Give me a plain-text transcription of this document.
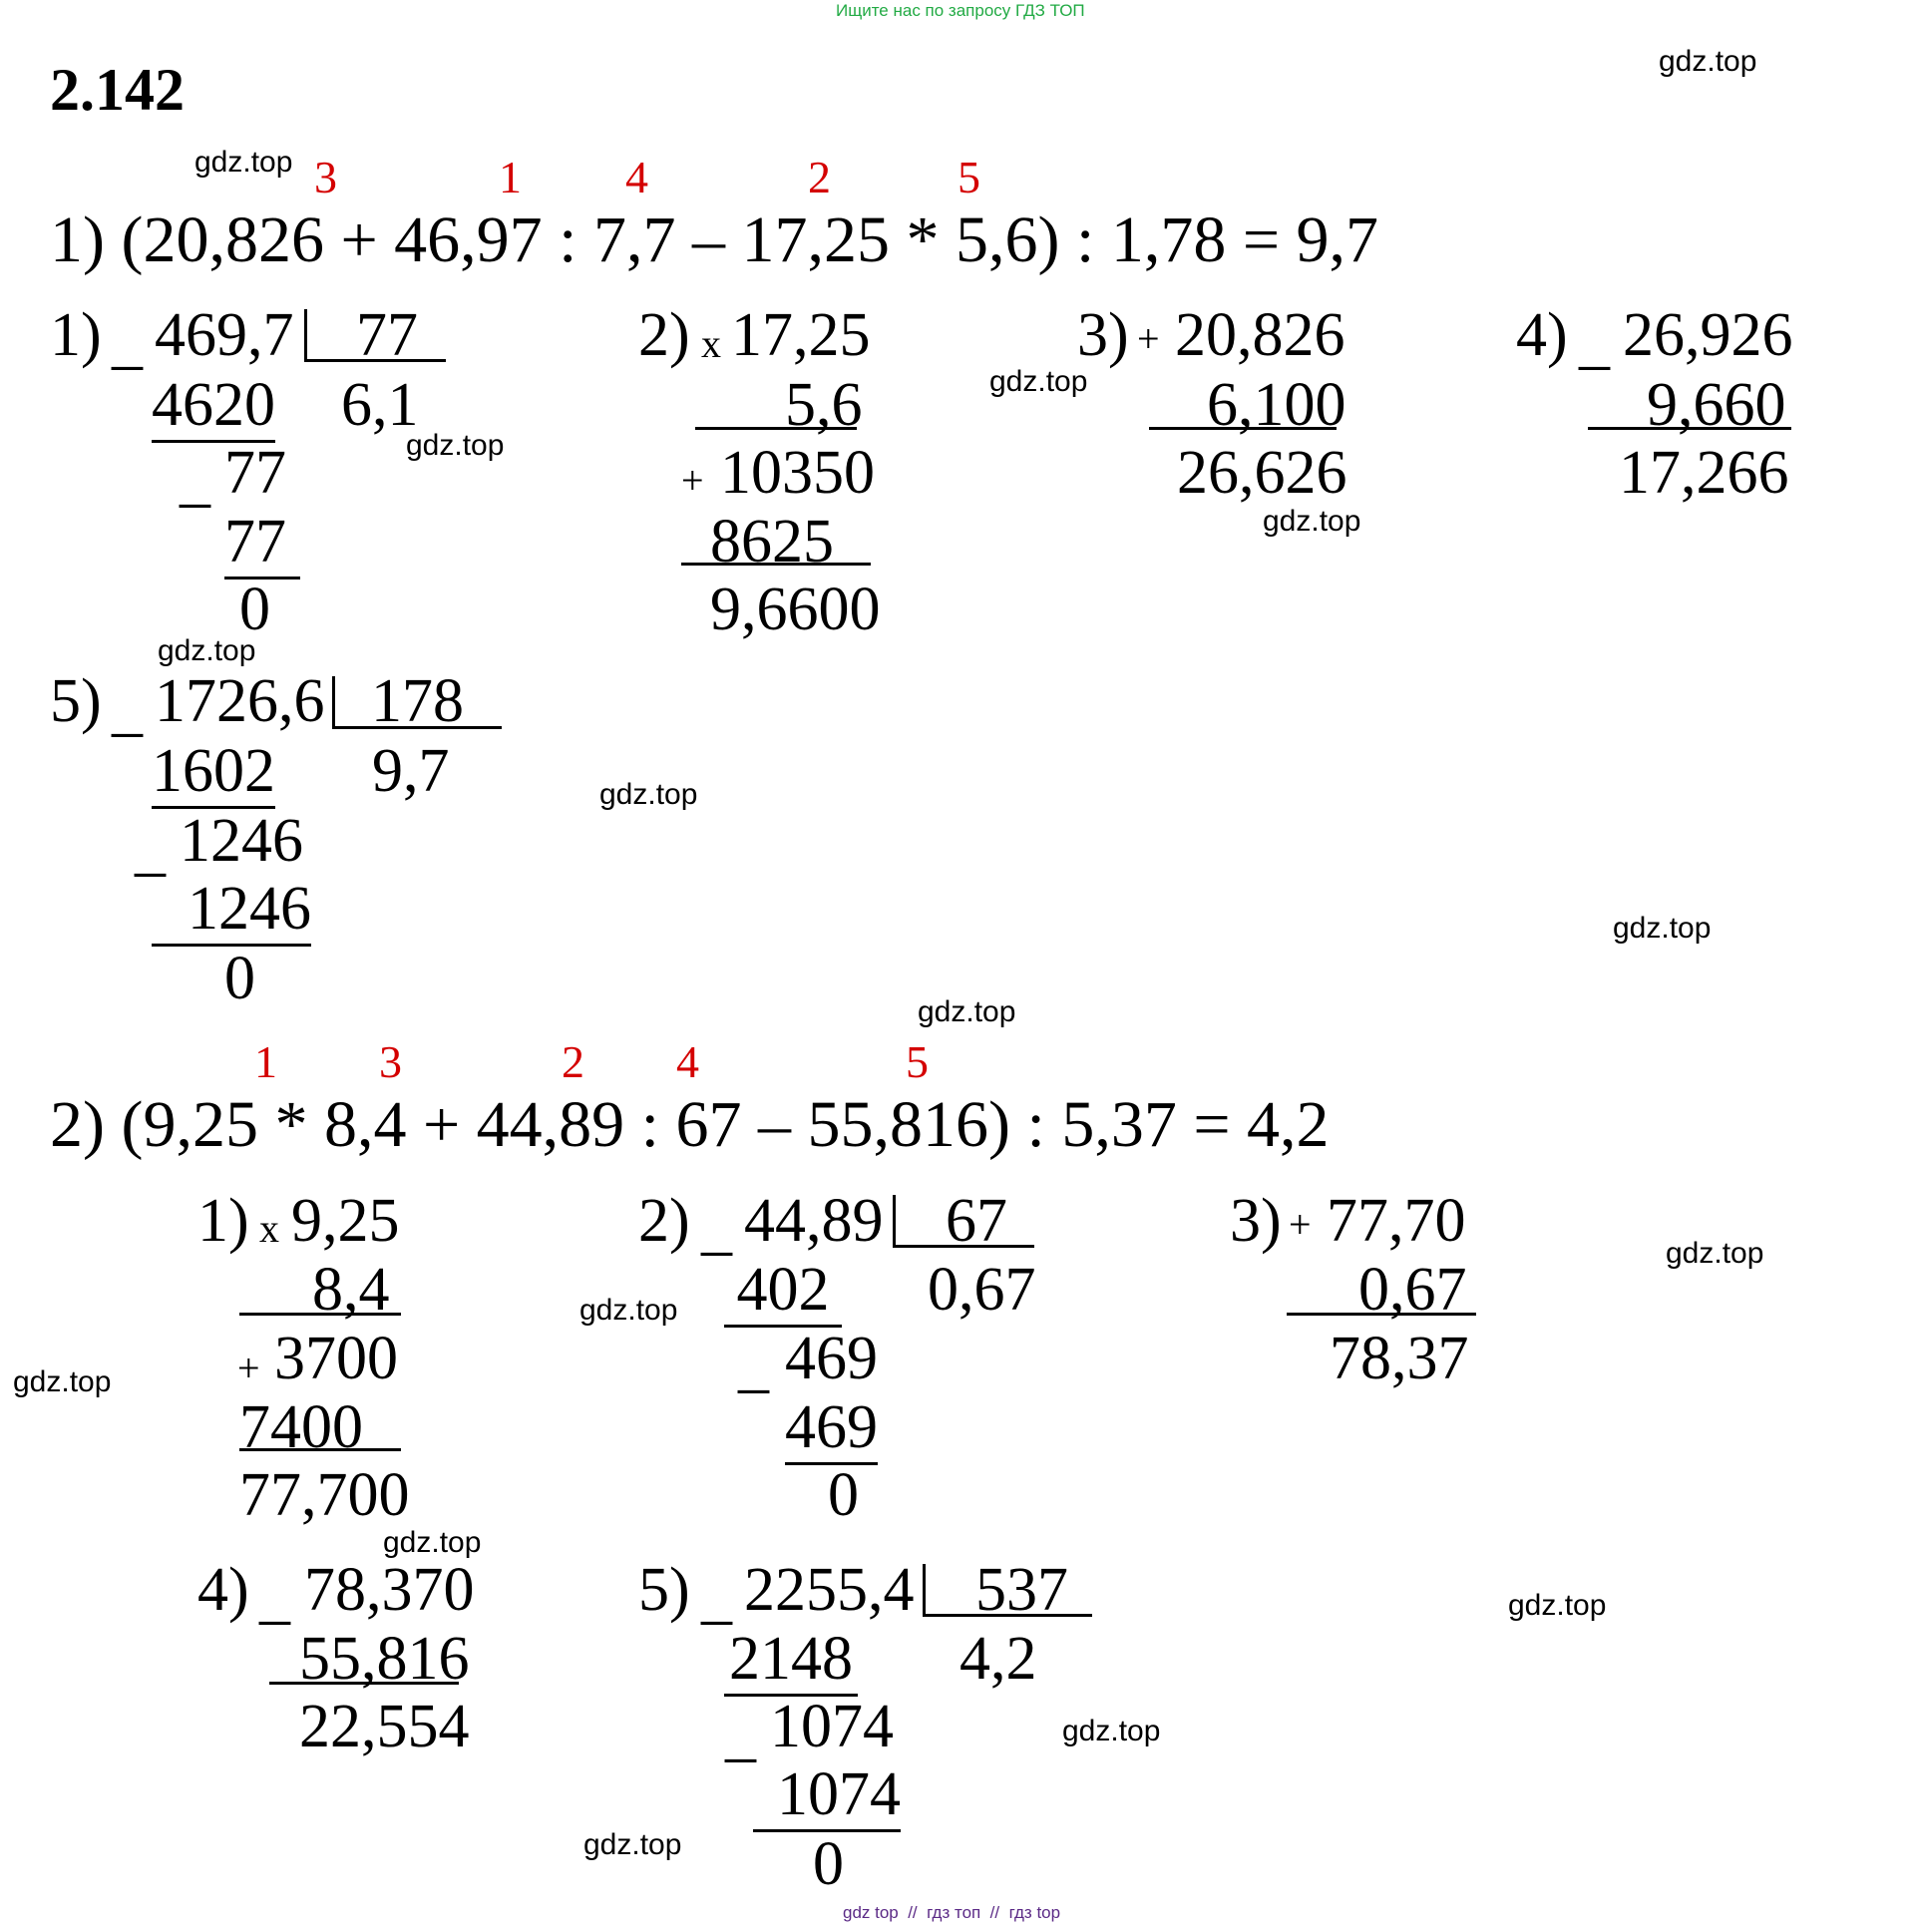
Ищите нас по запросу ГДЗ ТОП
2.142	gdz.top
gdz.top
gdz.top
gdz.top
gdz.top
gdz.top
gdz.top
gdz.top
gdz.top
gdz.top
gdz.top
gdz.top
gdz.top
gdz.top
gdz.top
gdz.top
3	1 4	2	5
1) (20,826 + 46,97 : 7,7 – 17,25 * 5,6) : 1,78 = 9,7
1) _ 469,7 77
6,1
4620
_ 77
77
0
2) x 17,25
5,6
+ 10350
8625
9,6600
3) + 20,826
6,100
26,626
4) _ 26,926
9,660
17,266
5) _ 1726,6 178
9,7
1602
_ 1246
1246
0
1 3	2 4	5
2) (9,25 * 8,4 + 44,89 : 67 – 55,816) : 5,37 = 4,2
1) x 9,25
8,4
+ 3700
7400
77,700
2) _ 44,89 67
0,67
402
_ 469
469
0
3) + 77,70
0,67
78,37
4) _ 78,370
55,816
22,554
5) _ 2255,4 537
4,2
2148
_ 1074
1074
0
gdz top  //  гдз топ  //  гдз top
